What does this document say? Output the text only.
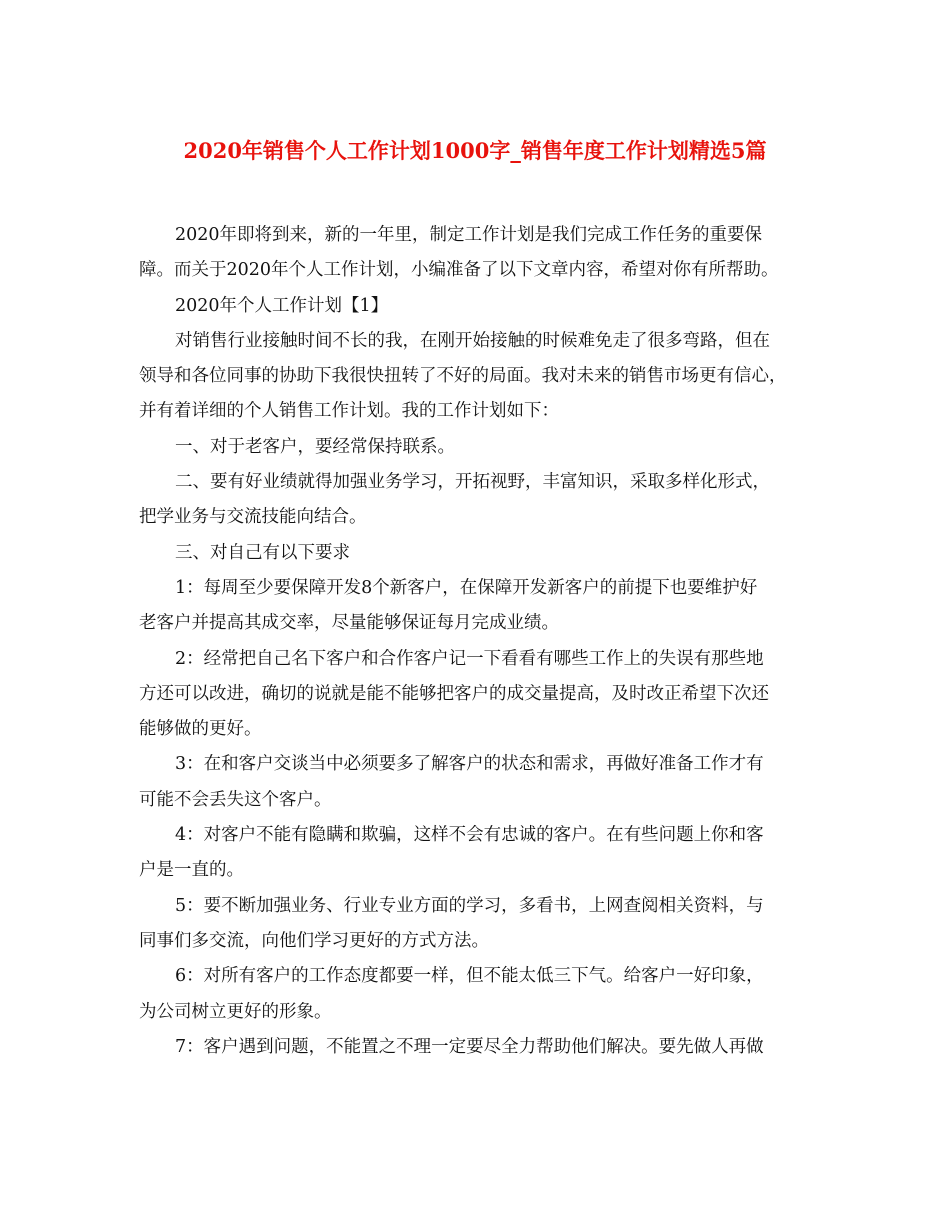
2020年销售个人工作计划1000字_销售年度工作计划精选5篇

2020年即将到来，新的一年里，制定工作计划是我们完成工作任务的重要保
障。而关于2020年个人工作计划，小编准备了以下文章内容，希望对你有所帮助。

2020年个人工作计划【1】

对销售行业接触时间不长的我，在刚开始接触的时候难免走了很多弯路，但在
领导和各位同事的协助下我很快扭转了不好的局面。我对未来的销售市场更有信心，
并有着详细的个人销售工作计划。我的工作计划如下：

一、对于老客户，要经常保持联系。

二、要有好业绩就得加强业务学习，开拓视野，丰富知识，采取多样化形式，
把学业务与交流技能向结合。

三、对自己有以下要求

1：每周至少要保障开发8个新客户，在保障开发新客户的前提下也要维护好
老客户并提高其成交率，尽量能够保证每月完成业绩。

2：经常把自己名下客户和合作客户记一下看看有哪些工作上的失误有那些地
方还可以改进，确切的说就是能不能够把客户的成交量提高，及时改正希望下次还
能够做的更好。

3：在和客户交谈当中必须要多了解客户的状态和需求，再做好准备工作才有
可能不会丢失这个客户。

4：对客户不能有隐瞒和欺骗，这样不会有忠诚的客户。在有些问题上你和客
户是一直的。

5：要不断加强业务、行业专业方面的学习，多看书，上网查阅相关资料，与
同事们多交流，向他们学习更好的方式方法。

6：对所有客户的工作态度都要一样，但不能太低三下气。给客户一好印象，
为公司树立更好的形象。

7：客户遇到问题，不能置之不理一定要尽全力帮助他们解决。要先做人再做
